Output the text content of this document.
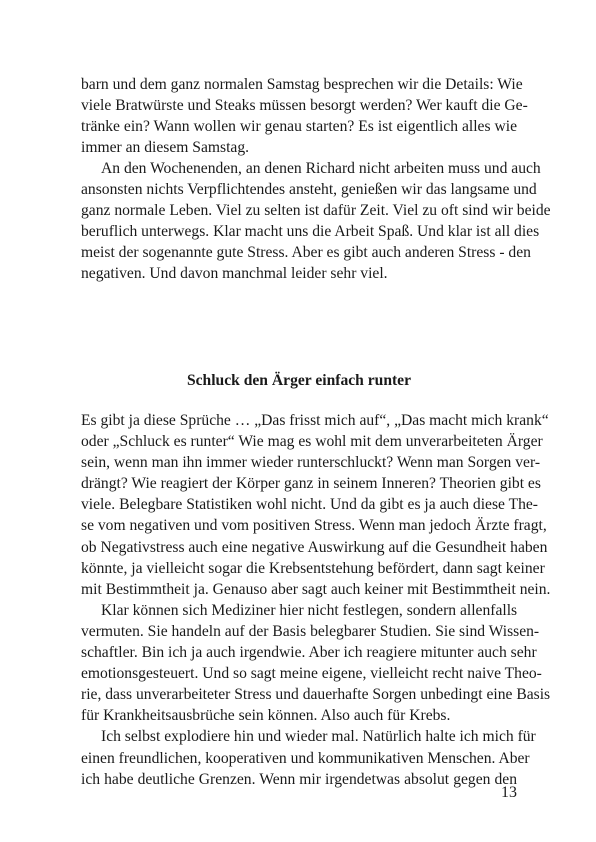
barn und dem ganz normalen Samstag besprechen wir die Details: Wie
viele Bratwürste und Steaks müssen besorgt werden? Wer kauft die Ge-
tränke ein? Wann wollen wir genau starten? Es ist eigentlich alles wie
immer an diesem Samstag.
An den Wochenenden, an denen Richard nicht arbeiten muss und auch
ansonsten nichts Verpflichtendes ansteht, genießen wir das langsame und
ganz normale Leben. Viel zu selten ist dafür Zeit. Viel zu oft sind wir beide
beruflich unterwegs. Klar macht uns die Arbeit Spaß. Und klar ist all dies
meist der sogenannte gute Stress. Aber es gibt auch anderen Stress - den
negativen. Und davon manchmal leider sehr viel.
Schluck den Ärger einfach runter
Es gibt ja diese Sprüche … „Das frisst mich auf“, „Das macht mich krank“
oder „Schluck es runter“ Wie mag es wohl mit dem unverarbeiteten Ärger
sein, wenn man ihn immer wieder runterschluckt? Wenn man Sorgen ver-
drängt? Wie reagiert der Körper ganz in seinem Inneren? Theorien gibt es
viele. Belegbare Statistiken wohl nicht. Und da gibt es ja auch diese The-
se vom negativen und vom positiven Stress. Wenn man jedoch Ärzte fragt,
ob Negativstress auch eine negative Auswirkung auf die Gesundheit haben
könnte, ja vielleicht sogar die Krebsentstehung befördert, dann sagt keiner
mit Bestimmtheit ja. Genauso aber sagt auch keiner mit Bestimmtheit nein.
Klar können sich Mediziner hier nicht festlegen, sondern allenfalls
vermuten. Sie handeln auf der Basis belegbarer Studien. Sie sind Wissen-
schaftler. Bin ich ja auch irgendwie. Aber ich reagiere mitunter auch sehr
emotionsgesteuert. Und so sagt meine eigene, vielleicht recht naive Theo-
rie, dass unverarbeiteter Stress und dauerhafte Sorgen unbedingt eine Basis
für Krankheitsausbrüche sein können. Also auch für Krebs.
Ich selbst explodiere hin und wieder mal. Natürlich halte ich mich für
einen freundlichen, kooperativen und kommunikativen Menschen. Aber
ich habe deutliche Grenzen. Wenn mir irgendetwas absolut gegen den
13
